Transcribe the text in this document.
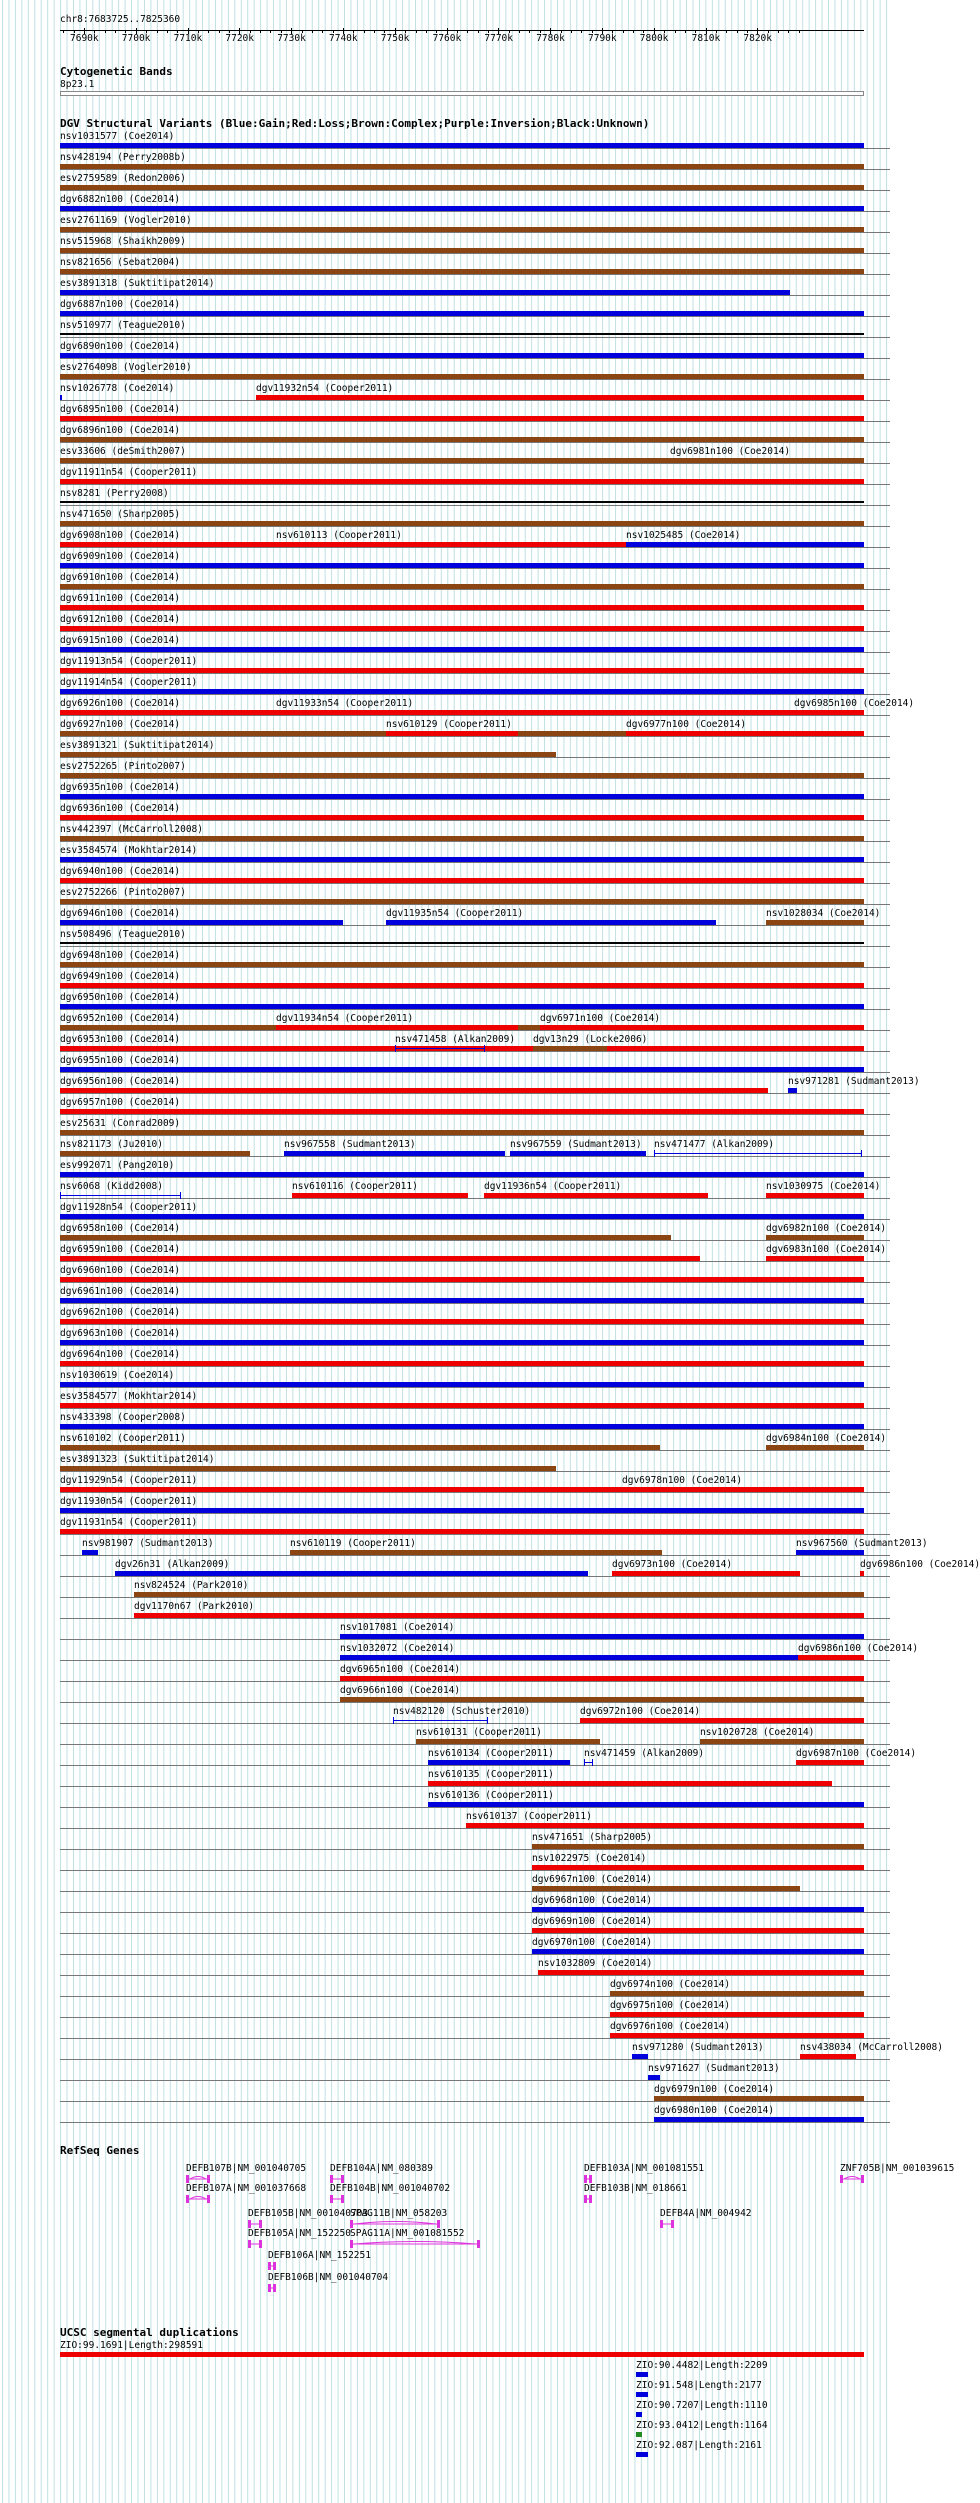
chr8:7683725..7825360
7690k 7700k 7710k 7720k 7730k 7740k 7750k 7760k 7770k 7780k 7790k 7800k 7810k 7820k
Cytogenetic Bands
8p23.1
DGV Structural Variants (Blue:Gain;Red:Loss;Brown:Complex;Purple:Inversion;Black:Unknown)
nsv1031577 (Coe2014)
nsv428194 (Perry2008b)
esv2759589 (Redon2006)
dgv6882n100 (Coe2014)
esv2761169 (Vogler2010)
nsv515968 (Shaikh2009)
nsv821656 (Sebat2004)
esv3891318 (Suktitipat2014)
dgv6887n100 (Coe2014)
nsv510977 (Teague2010)
dgv6890n100 (Coe2014)
esv2764098 (Vogler2010)
nsv1026778 (Coe2014)	dgv11932n54 (Cooper2011)
dgv6895n100 (Coe2014)
dgv6896n100 (Coe2014)
esv33606 (deSmith2007)	dgv6981n100 (Coe2014)
dgv11911n54 (Cooper2011)
nsv8281 (Perry2008)
nsv471650 (Sharp2005)
dgv6908n100 (Coe2014)	nsv610113 (Cooper2011)	nsv1025485 (Coe2014)
dgv6909n100 (Coe2014)
dgv6910n100 (Coe2014)
dgv6911n100 (Coe2014)
dgv6912n100 (Coe2014)
dgv6915n100 (Coe2014)
dgv11913n54 (Cooper2011)
dgv11914n54 (Cooper2011)
dgv6926n100 (Coe2014)	dgv11933n54 (Cooper2011)	dgv6985n100 (Coe2014)
dgv6927n100 (Coe2014)	nsv610129 (Cooper2011)	dgv6977n100 (Coe2014)
esv3891321 (Suktitipat2014)
esv2752265 (Pinto2007)
dgv6935n100 (Coe2014)
dgv6936n100 (Coe2014)
nsv442397 (McCarroll2008)
esv3584574 (Mokhtar2014)
dgv6940n100 (Coe2014)
esv2752266 (Pinto2007)
dgv6946n100 (Coe2014)	dgv11935n54 (Cooper2011)	nsv1028034 (Coe2014)
nsv508496 (Teague2010)
dgv6948n100 (Coe2014)
dgv6949n100 (Coe2014)
dgv6950n100 (Coe2014)
dgv6952n100 (Coe2014)	dgv11934n54 (Cooper2011)	dgv6971n100 (Coe2014)
dgv6953n100 (Coe2014)	nsv471458 (Alkan2009) dgv13n29 (Locke2006)
dgv6955n100 (Coe2014)
dgv6956n100 (Coe2014)	nsv971281 (Sudmant2013)
dgv6957n100 (Coe2014)
esv25631 (Conrad2009)
nsv821173 (Ju2010)	nsv967558 (Sudmant2013)	nsv967559 (Sudmant2013) nsv471477 (Alkan2009)
esv992071 (Pang2010)
nsv6068 (Kidd2008)	nsv610116 (Cooper2011)	dgv11936n54 (Cooper2011)	nsv1030975 (Coe2014)
dgv11928n54 (Cooper2011)
dgv6958n100 (Coe2014)	dgv6982n100 (Coe2014)
dgv6959n100 (Coe2014)	dgv6983n100 (Coe2014)
dgv6960n100 (Coe2014)
dgv6961n100 (Coe2014)
dgv6962n100 (Coe2014)
dgv6963n100 (Coe2014)
dgv6964n100 (Coe2014)
nsv1030619 (Coe2014)
esv3584577 (Mokhtar2014)
nsv433398 (Cooper2008)
nsv610102 (Cooper2011)	dgv6984n100 (Coe2014)
esv3891323 (Suktitipat2014)
dgv11929n54 (Cooper2011)	dgv6978n100 (Coe2014)
dgv11930n54 (Cooper2011)
dgv11931n54 (Cooper2011)
nsv981907 (Sudmant2013)	nsv610119 (Cooper2011)	nsv967560 (Sudmant2013)
dgv26n31 (Alkan2009)	dgv6973n100 (Coe2014)	dgv6986n100 (Coe2014)
nsv824524 (Park2010)
dgv1170n67 (Park2010)
nsv1017081 (Coe2014)
nsv1032072 (Coe2014)	dgv6986n100 (Coe2014)
dgv6965n100 (Coe2014)
dgv6966n100 (Coe2014)
nsv482120 (Schuster2010)	dgv6972n100 (Coe2014)
nsv610131 (Cooper2011)	nsv1020728 (Coe2014)
nsv610134 (Cooper2011)	nsv471459 (Alkan2009)	dgv6987n100 (Coe2014)
nsv610135 (Cooper2011)
nsv610136 (Cooper2011)
nsv610137 (Cooper2011)
nsv471651 (Sharp2005)
nsv1022975 (Coe2014)
dgv6967n100 (Coe2014)
dgv6968n100 (Coe2014)
dgv6969n100 (Coe2014)
dgv6970n100 (Coe2014)
nsv1032809 (Coe2014)
dgv6974n100 (Coe2014)
dgv6975n100 (Coe2014)
dgv6976n100 (Coe2014)
nsv971280 (Sudmant2013)	nsv438034 (McCarroll2008)
nsv971627 (Sudmant2013)
dgv6979n100 (Coe2014)
dgv6980n100 (Coe2014)
RefSeq Genes
DEFB107B|NM_001040705
DEFB107A|NM_001037668
DEFB104A|NM_080389
DEFB104B|NM_001040702
DEFB105B|NM_001040703
DEFB105A|NM_152250
SPAG11B|NM_058203
SPAG11A|NM_001081552
DEFB106A|NM_152251
DEFB106B|NM_001040704
DEFB103A|NM_001081551
DEFB103B|NM_018661
DEFB4A|NM_004942
ZNF705B|NM_001039615
UCSC segmental duplications
ZIO:99.1691|Length:298591
ZIO:90.4482|Length:2209
ZIO:91.548|Length:2177
ZIO:90.7207|Length:1110
ZIO:93.0412|Length:1164
ZIO:92.087|Length:2161
